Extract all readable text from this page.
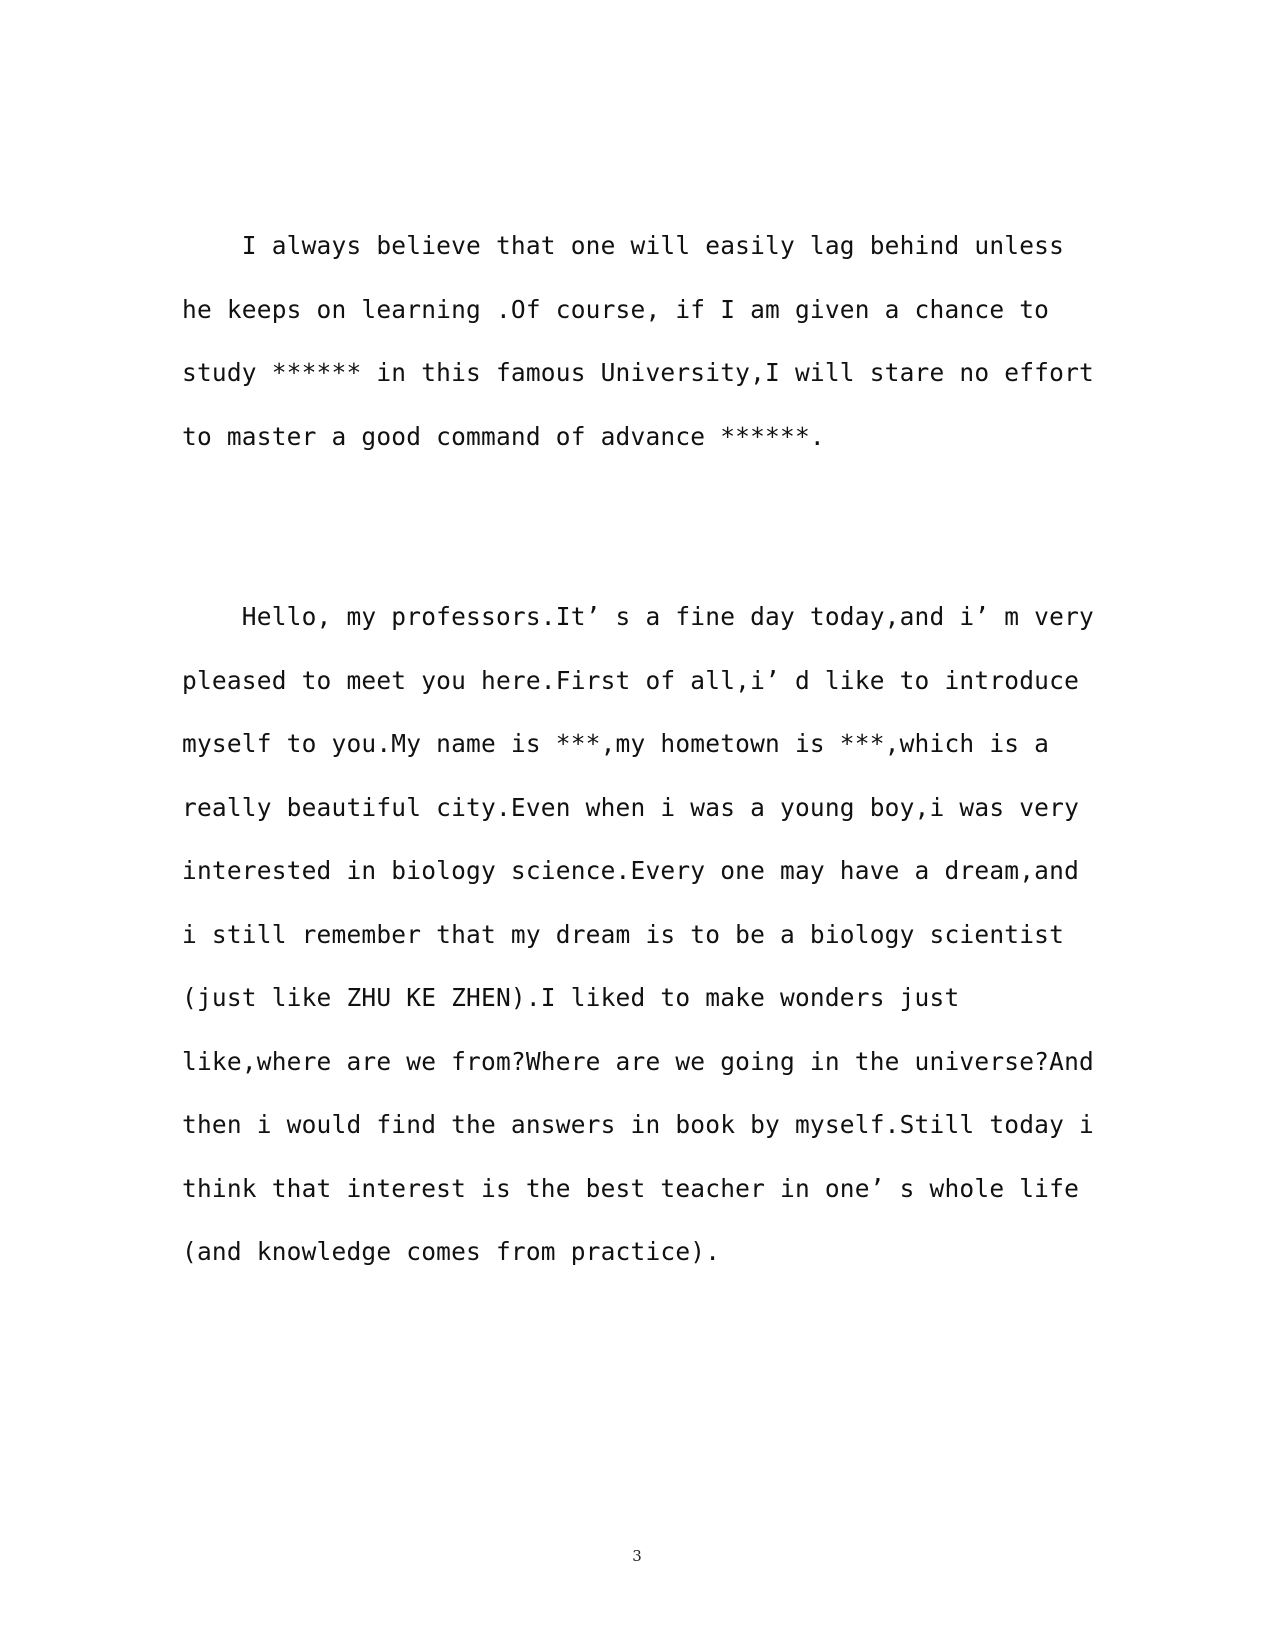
I always believe that one will easily lag behind unless
he keeps on learning .Of course, if I am given a chance to
study ****** in this famous University,I will stare no effort
to master a good command of advance ******.
Hello, my professors.It’ s a fine day today,and i’ m very
pleased to meet you here.First of all,i’ d like to introduce
myself to you.My name is ***,my hometown is ***,which is a
really beautiful city.Even when i was a young boy,i was very
interested in biology science.Every one may have a dream,and
i still remember that my dream is to be a biology scientist
(just like ZHU KE ZHEN).I liked to make wonders just
like,where are we from?Where are we going in the universe?And
then i would find the answers in book by myself.Still today i
think that interest is the best teacher in one’ s whole life
(and knowledge comes from practice).
3
